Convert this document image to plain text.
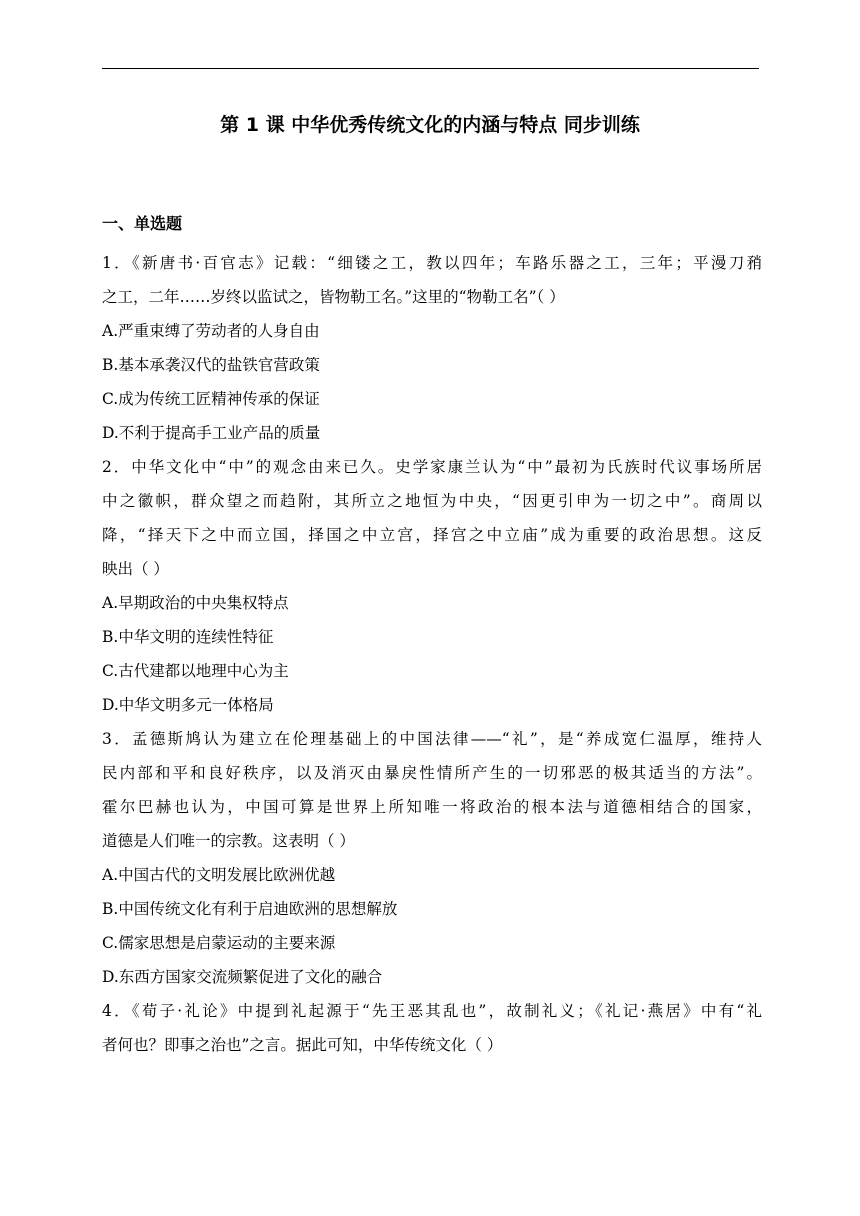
第 1 课 中华优秀传统文化的内涵与特点 同步训练
一、单选题
1．《新唐书·百官志》记载：“细镂之工，教以四年；车路乐器之工，三年；平漫刀矟
之工，二年……岁终以监试之，皆物勒工名。”这里的“物勒工名”（ ）
A.严重束缚了劳动者的人身自由
B.基本承袭汉代的盐铁官营政策
C.成为传统工匠精神传承的保证
D.不利于提高手工业产品的质量
2．中华文化中“中”的观念由来已久。史学家康兰认为“中”最初为氏族时代议事场所居
中之徽帜，群众望之而趋附，其所立之地恒为中央，“因更引申为一切之中”。商周以
降，“择天下之中而立国，择国之中立宫，择宫之中立庙”成为重要的政治思想。这反
映出（ ）
A.早期政治的中央集权特点
B.中华文明的连续性特征
C.古代建都以地理中心为主
D.中华文明多元一体格局
3．孟德斯鸠认为建立在伦理基础上的中国法律——“礼”，是“养成宽仁温厚，维持人
民内部和平和良好秩序，以及消灭由暴戾性情所产生的一切邪恶的极其适当的方法”。
霍尔巴赫也认为，中国可算是世界上所知唯一将政治的根本法与道德相结合的国家，
道德是人们唯一的宗教。这表明（ ）
A.中国古代的文明发展比欧洲优越
B.中国传统文化有利于启迪欧洲的思想解放
C.儒家思想是启蒙运动的主要来源
D.东西方国家交流频繁促进了文化的融合
4．《荀子·礼论》中提到礼起源于“先王恶其乱也”，故制礼义；《礼记·燕居》中有“礼
者何也？即事之治也”之言。据此可知，中华传统文化（ ）
